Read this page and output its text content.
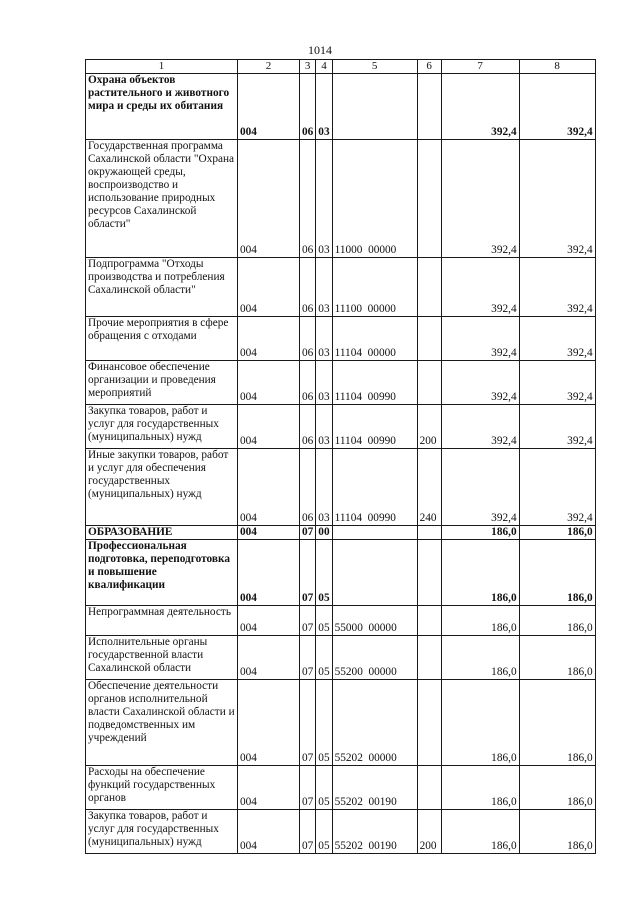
1014
1	2	3	4	5	6	7	8
Охрана объектов растительного и животного мира и среды их обитания	004	06	03			392,4	392,4
Государственная программа Сахалинской области "Охрана окружающей среды, воспроизводство и использование природных ресурсов Сахалинской области"	004	06	03	11000  00000		392,4	392,4
Подпрограмма "Отходы производства и потребления Сахалинской области"	004	06	03	11100  00000		392,4	392,4
Прочие мероприятия в сфере обращения с отходами	004	06	03	11104  00000		392,4	392,4
Финансовое обеспечение организации и проведения мероприятий	004	06	03	11104  00990		392,4	392,4
Закупка товаров, работ и услуг для государственных (муниципальных) нужд	004	06	03	11104  00990	200	392,4	392,4
Иные закупки товаров, работ и услуг для обеспечения государственных (муниципальных) нужд	004	06	03	11104  00990	240	392,4	392,4
ОБРАЗОВАНИЕ	004	07	00			186,0	186,0
Профессиональная подготовка, переподготовка и повышение квалификации	004	07	05			186,0	186,0
Непрограммная деятельность	004	07	05	55000  00000		186,0	186,0
Исполнительные органы государственной власти Сахалинской области	004	07	05	55200  00000		186,0	186,0
Обеспечение деятельности органов исполнительной власти Сахалинской области и подведомственных им учреждений	004	07	05	55202  00000		186,0	186,0
Расходы на обеспечение функций государственных органов	004	07	05	55202  00190		186,0	186,0
Закупка товаров, работ и услуг для государственных (муниципальных) нужд	004	07	05	55202  00190	200	186,0	186,0
